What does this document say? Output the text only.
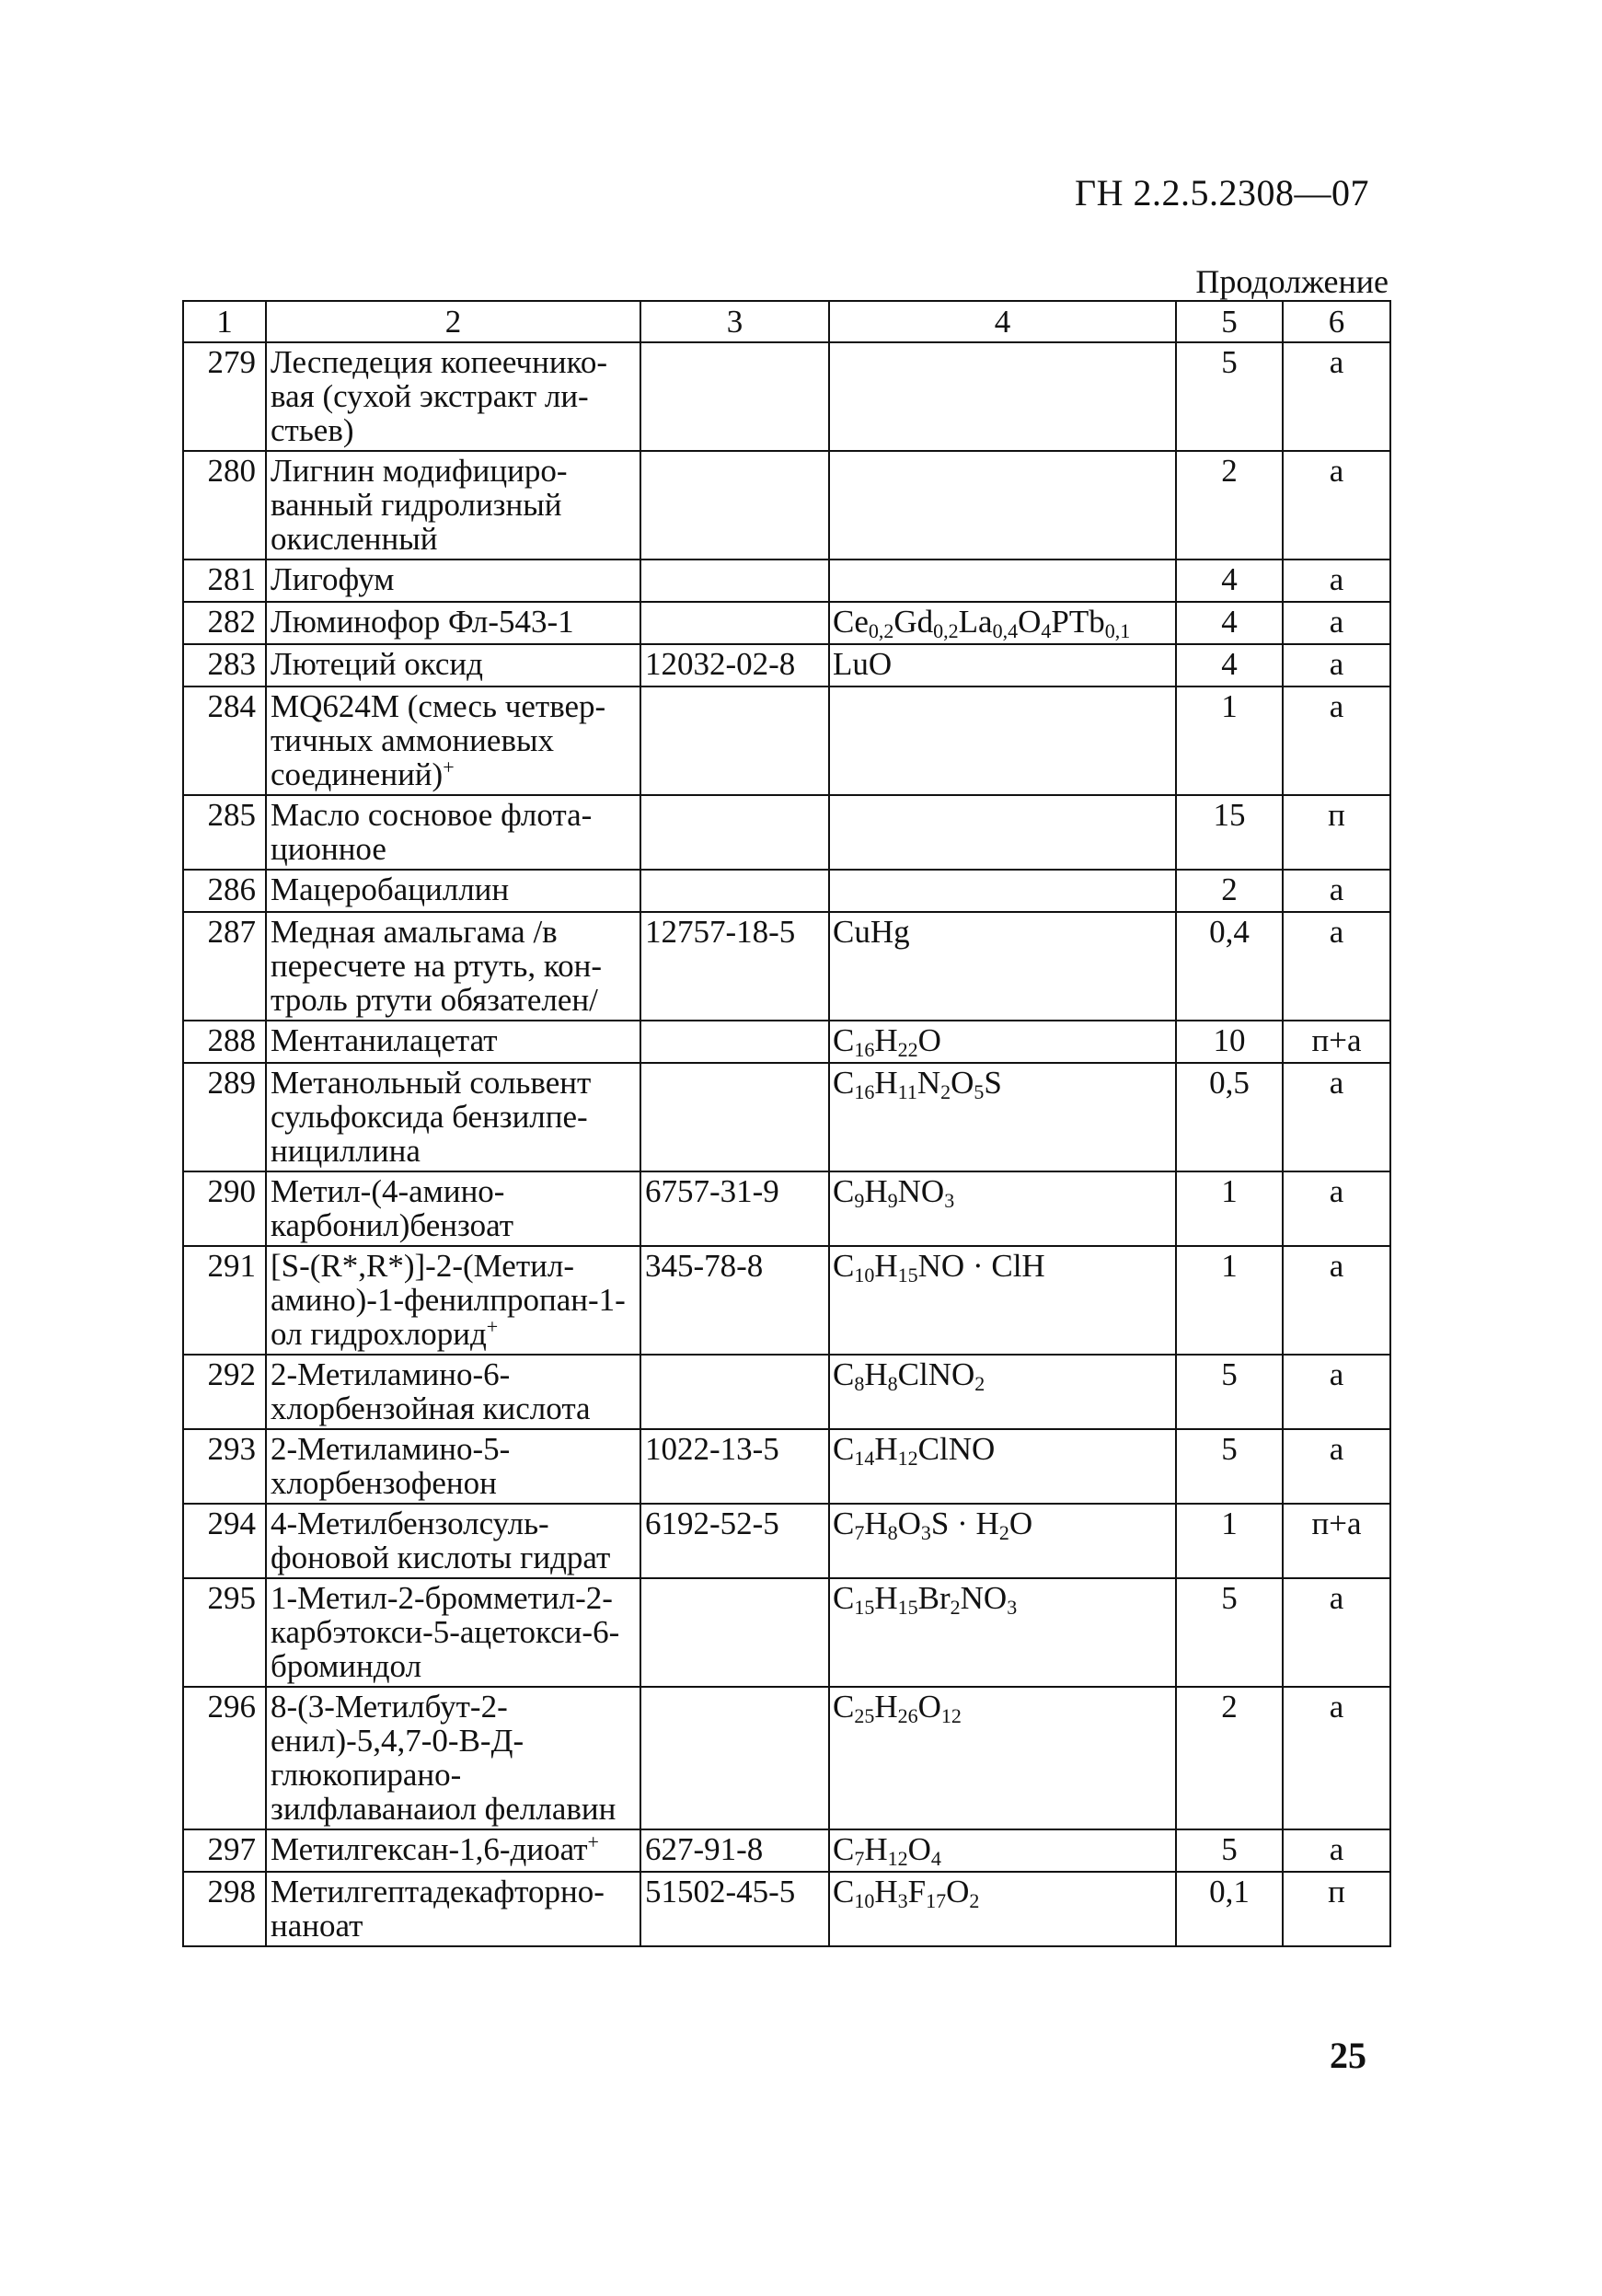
ГН 2.2.5.2308—07
Продолжение
1	2	3	4	5	6
279	Леспедеция копеечнико-вая (сухой экстракт ли-стьев)			5	а
280	Лигнин модифициро-ванный гидролизный окисленный			2	а
281	Лигофум			4	а
282	Люминофор Фл-543-1		$Ce_{0,2}Gd_{0,2}La_{0,4}O_4PTb_{0,1}$	4	а
283	Лютеций оксид	12032-02-8	LuO	4	а
284	MQ624M (смесь четвер-тичных аммониевых соединений)+			1	а
285	Масло сосновое флота-ционное			15	п
286	Мацеробациллин			2	а
287	Медная амальгама /в пересчете на ртуть, кон-троль ртути обязателен/	12757-18-5	CuHg	0,4	а
288	Ментанилацетат		$C_{16}H_{22}O$	10	п+а
289	Метанольный сольвент сульфоксида бензилпе-нициллина		$C_{16}H_{11}N_2O_5S$	0,5	а
290	Метил-(4-амино-карбонил)бензоат	6757-31-9	$C_9H_9NO_3$	1	а
291	[S-(R*,R*)]-2-(Метил-амино)-1-фенилпропан-1-ол гидрохлорид+	345-78-8	$C_{10}H_{15}NO$ · ClH	1	а
292	2-Метиламино-6-хлорбензойная кислота		$C_8H_8ClNO_2$	5	а
293	2-Метиламино-5-хлорбензофенон	1022-13-5	$C_{14}H_{12}ClNO$	5	а
294	4-Метилбензолсуль-фоновой кислоты гидрат	6192-52-5	$C_7H_8O_3S \cdot H_2O$	1	п+а
295	1-Метил-2-бромметил-2-карбэтокси-5-ацетокси-6-броминдол		$C_{15}H_{15}Br_2NO_3$	5	а
296	8-(3-Метилбут-2-енил)-5,4,7-0-В-Д-глюкопирано-зилфлаванаиол феллавин		$C_{25}H_{26}O_{12}$	2	а
297	Метилгексан-1,6-диоат+	627-91-8	$C_7H_{12}O_4$	5	а
298	Метилгептадекафторно-наноат	51502-45-5	$C_{10}H_3F_{17}O_2$	0,1	п
25
